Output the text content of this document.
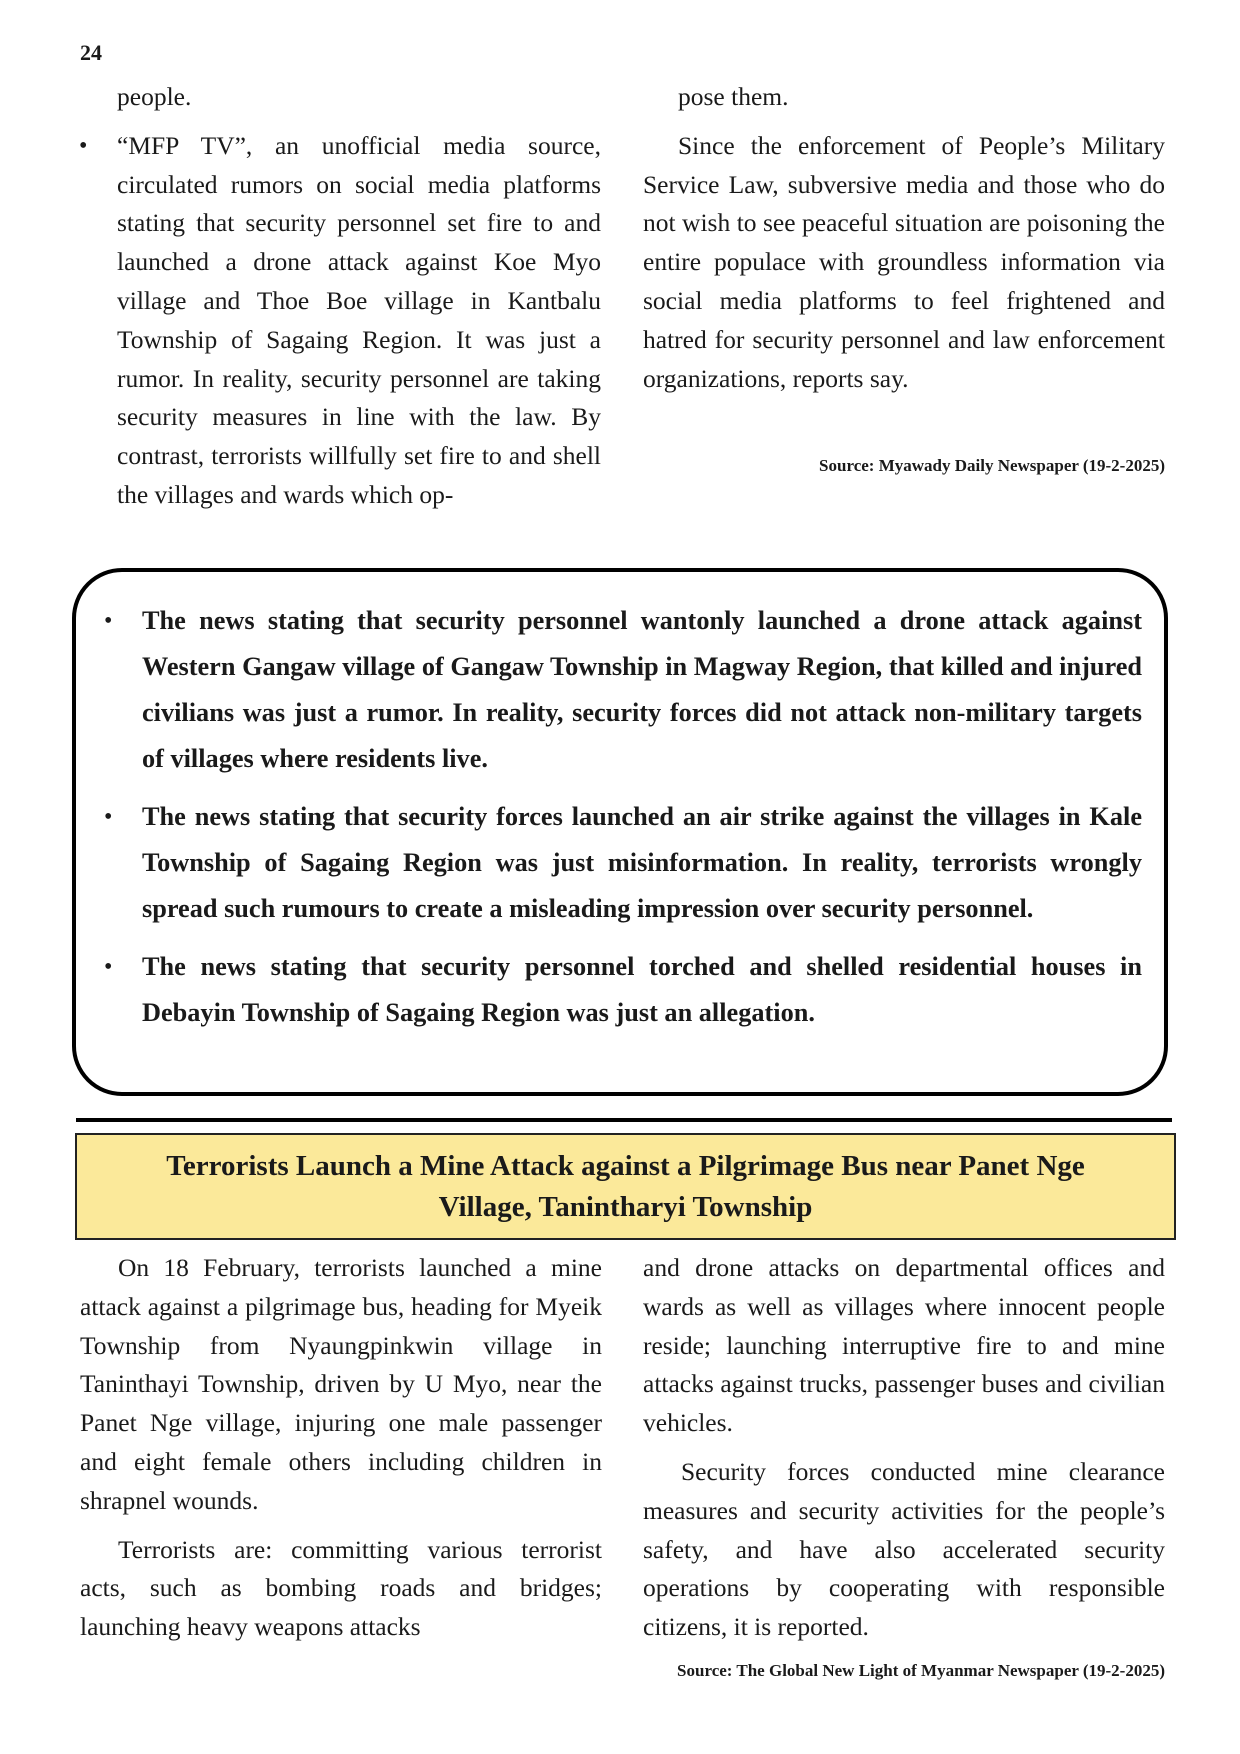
24

people.

• “MFP TV”, an unofficial media source, circulated rumors on social media platforms stating that security personnel set fire to and launched a drone attack against Koe Myo village and Thoe Boe village in Kantbalu Township of Sagaing Region. It was just a rumor. In reality, security personnel are taking security measures in line with the law. By contrast, terrorists willfully set fire to and shell the villages and wards which op-

pose them.

Since the enforcement of People’s Military Service Law, subversive media and those who do not wish to see peaceful situation are poisoning the entire populace with groundless information via social media platforms to feel frightened and hatred for security personnel and law enforcement organizations, reports say.

Source: Myawady Daily Newspaper (19-2-2025)
• The news stating that security personnel wantonly launched a drone attack against Western Gangaw village of Gangaw Township in Magway Region, that killed and injured civilians was just a rumor. In reality, security forces did not attack non-military targets of villages where residents live.
• The news stating that security forces launched an air strike against the villages in Kale Township of Sagaing Region was just misinformation. In reality, terrorists wrongly spread such rumours to create a misleading impression over security personnel.
• The news stating that security personnel torched and shelled residential houses in Debayin Township of Sagaing Region was just an allegation.
Terrorists Launch a Mine Attack against a Pilgrimage Bus near Panet Nge Village, Tanintharyi Township

On 18 February, terrorists launched a mine attack against a pilgrimage bus, heading for Myeik Township from Nyaungpinkwin village in Taninthayi Township, driven by U Myo, near the Panet Nge village, injuring one male passenger and eight female others including children in shrapnel wounds.

Terrorists are: committing various terrorist acts, such as bombing roads and bridges; launching heavy weapons attacks

and drone attacks on departmental offices and wards as well as villages where innocent people reside; launching interruptive fire to and mine attacks against trucks, passenger buses and civilian vehicles.

Security forces conducted mine clearance measures and security activities for the people’s safety, and have also accelerated security operations by cooperating with responsible citizens, it is reported.

Source: The Global New Light of Myanmar Newspaper (19-2-2025)
